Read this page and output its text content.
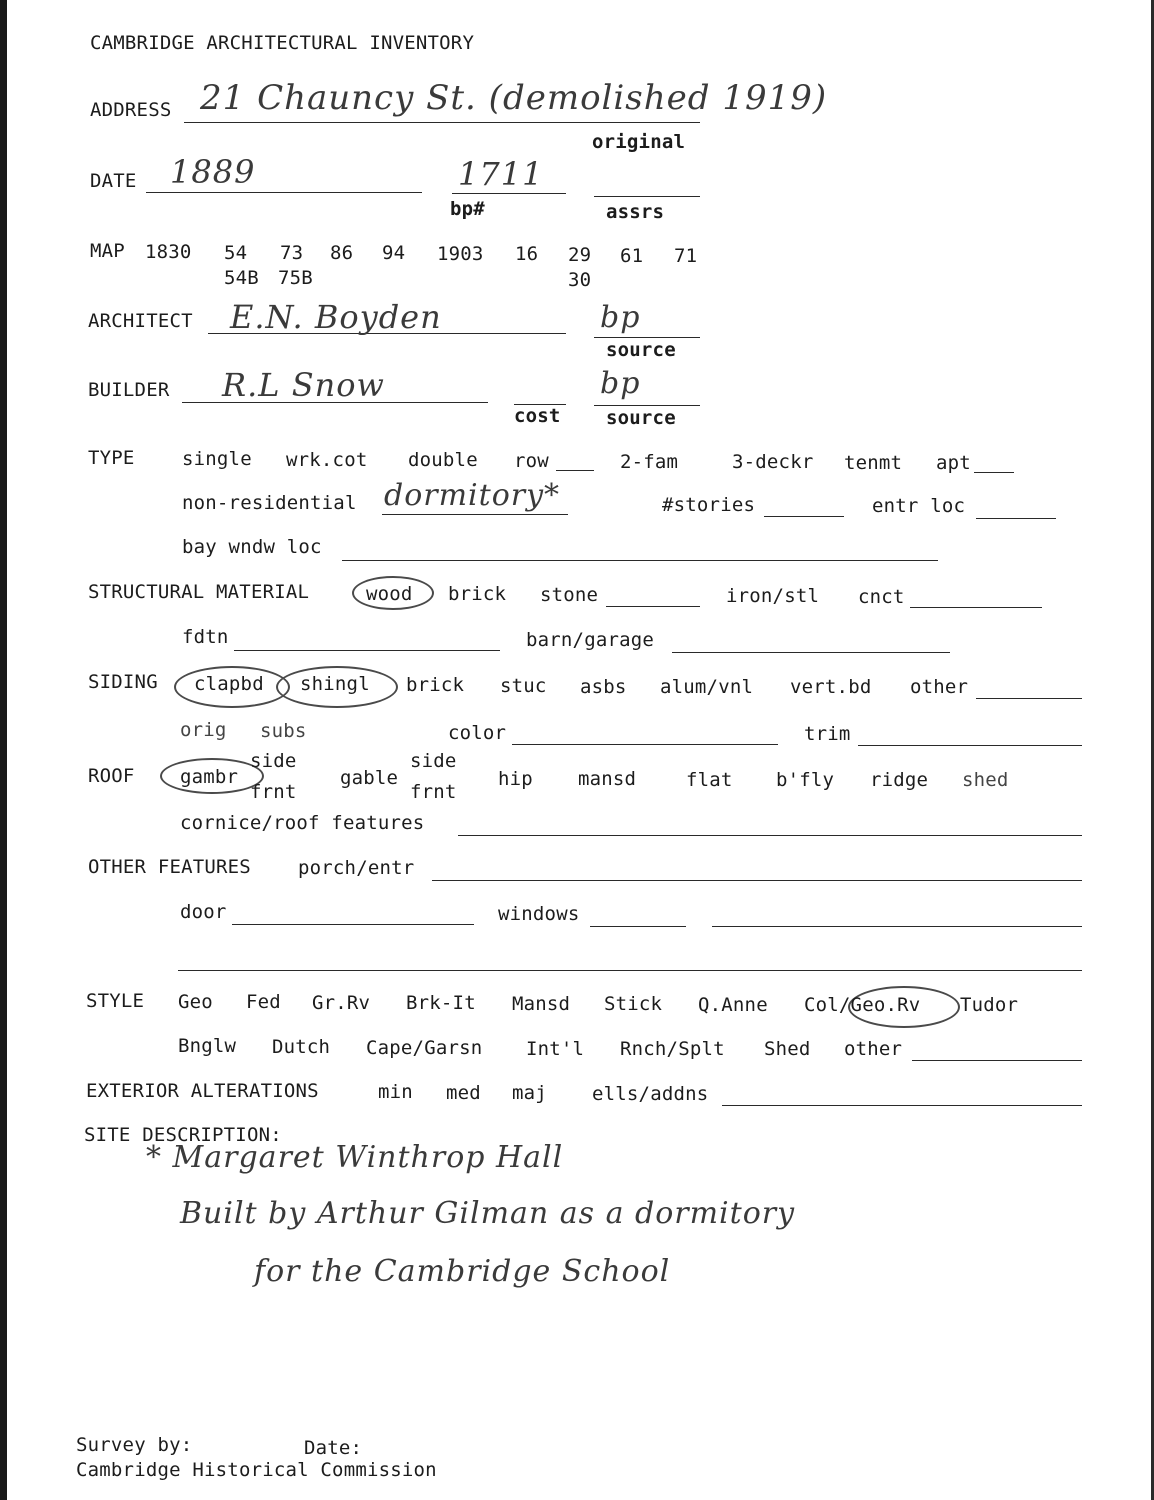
CAMBRIDGE ARCHITECTURAL INVENTORY
ADDRESS 21 Chauncy St. (demolished 1919)
original
DATE 1889	1711
bp#	assrs
MAP 1830 54 73 86 94 1903 16 29 61 71
54B 75B	30
ARCHITECT E.N. Boyden	bp
source
BUILDER R.L Snow
cost
bp
source
TYPE single wrk.cot double row	2-fam	3-deckr tenmt apt
non-residential dormitory*	#stories	entr loc
bay wndw loc
STRUCTURAL MATERIAL	wood brick stone	iron/stl cnct
fdtn	barn/garage
SIDING clapbd shingl brick stuc asbs alum/vnl vert.bd other
orig subs	color	trim
ROOF gambr
side
frnt
gable
side
frnt
hip mansd	flat b'fly ridge shed
cornice/roof features
OTHER FEATURES porch/entr
door	windows
STYLE Geo Fed Gr.Rv Brk-It Mansd Stick Q.Anne Col/Geo.Rv Tudor
Bnglw Dutch Cape/Garsn Int'l Rnch/Splt Shed other
EXTERIOR ALTERATIONS	min med maj ells/addns
SITE DESCRIPTION:
* Margaret Winthrop Hall
Built by Arthur Gilman as a dormitory
for the Cambridge School
Survey by:	Date:
Cambridge Historical Commission
